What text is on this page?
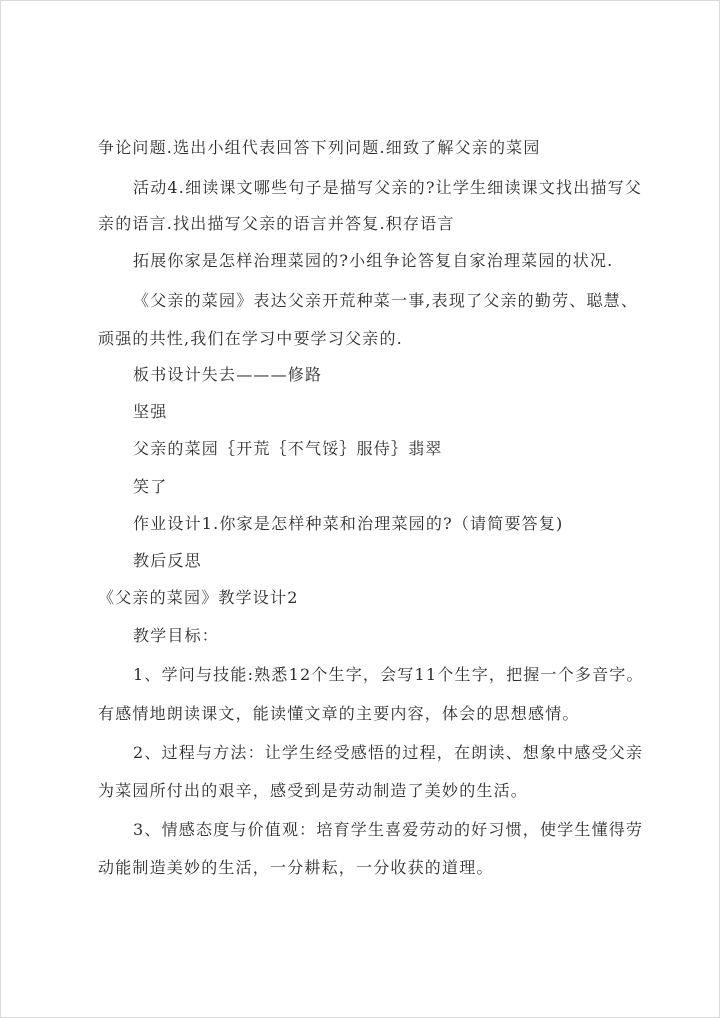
争论问题.选出小组代表回答下列问题.细致了解父亲的菜园
活动4.细读课文哪些句子是描写父亲的?让学生细读课文找出描写父
亲的语言.找出描写父亲的语言并答复.积存语言
拓展你家是怎样治理菜园的?小组争论答复自家治理菜园的状况.
《父亲的菜园》表达父亲开荒种菜一事,表现了父亲的勤劳、聪慧、
顽强的共性,我们在学习中要学习父亲的.
板书设计失去———修路
坚强
父亲的菜园｛开荒｛不气馁｝服侍｝翡翠
笑了
作业设计1.你家是怎样种菜和治理菜园的?（请简要答复)
教后反思
《父亲的菜园》教学设计2
教学目标：
1、学问与技能:熟悉12个生字，会写11个生字，把握一个多音字。
有感情地朗读课文，能读懂文章的主要内容，体会的思想感情。
2、过程与方法：让学生经受感悟的过程，在朗读、想象中感受父亲
为菜园所付出的艰辛，感受到是劳动制造了美妙的生活。
3、情感态度与价值观：培育学生喜爱劳动的好习惯，使学生懂得劳
动能制造美妙的生活，一分耕耘，一分收获的道理。
